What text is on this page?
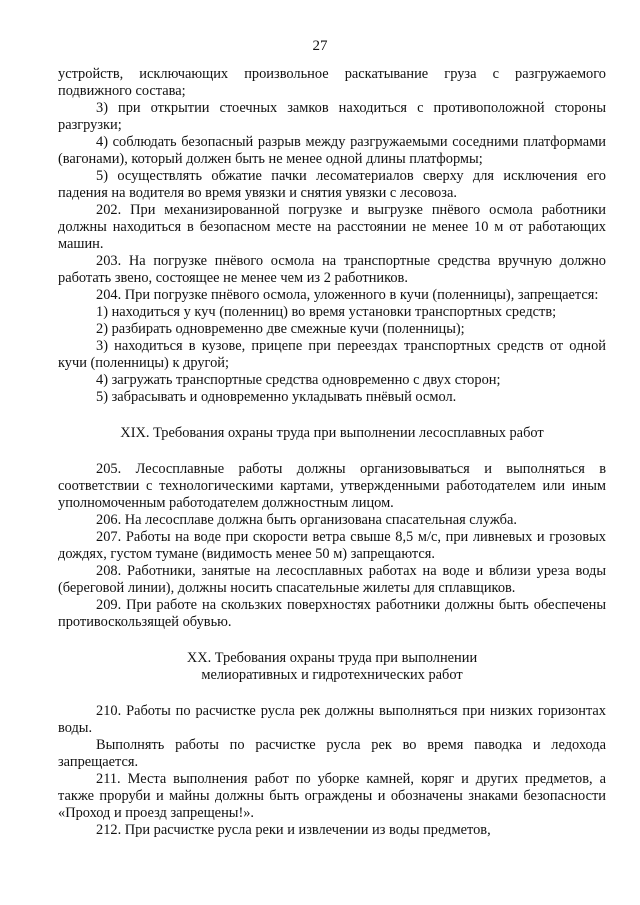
27

устройств, исключающих произвольное раскатывание груза с разгружаемого подвижного состава;

3) при открытии стоечных замков находиться с противоположной стороны разгрузки;

4) соблюдать безопасный разрыв между разгружаемыми соседними платформами (вагонами), который должен быть не менее одной длины платформы;

5) осуществлять обжатие пачки лесоматериалов сверху для исключения его падения на водителя во время увязки и снятия увязки с лесовоза.

202. При механизированной погрузке и выгрузке пнёвого осмола работники должны находиться в безопасном месте на расстоянии не менее 10 м от работающих машин.

203. На погрузке пнёвого осмола на транспортные средства вручную должно работать звено, состоящее не менее чем из 2 работников.

204. При погрузке пнёвого осмола, уложенного в кучи (поленницы), запрещается:

1) находиться у куч (поленниц) во время установки транспортных средств;

2) разбирать одновременно две смежные кучи (поленницы);

3) находиться в кузове, прицепе при переездах транспортных средств от одной кучи (поленницы) к другой;

4) загружать транспортные средства одновременно с двух сторон;

5) забрасывать и одновременно укладывать пнёвый осмол.

XIX. Требования охраны труда при выполнении лесосплавных работ

205. Лесосплавные работы должны организовываться и выполняться в соответствии с технологическими картами, утвержденными работодателем или иным уполномоченным работодателем должностным лицом.

206. На лесосплаве должна быть организована спасательная служба.

207. Работы на воде при скорости ветра свыше 8,5 м/с, при ливневых и грозовых дождях, густом тумане (видимость менее 50 м) запрещаются.

208. Работники, занятые на лесосплавных работах на воде и вблизи уреза воды (береговой линии), должны носить спасательные жилеты для сплавщиков.

209. При работе на скользких поверхностях работники должны быть обеспечены противоскользящей обувью.

XX. Требования охраны труда при выполнении
мелиоративных и гидротехнических работ

210. Работы по расчистке русла рек должны выполняться при низких горизонтах воды.

Выполнять работы по расчистке русла рек во время паводка и ледохода запрещается.

211. Места выполнения работ по уборке камней, коряг и других предметов, а также проруби и майны должны быть ограждены и обозначены знаками безопасности «Проход и проезд запрещены!».

212. При расчистке русла реки и извлечении из воды предметов,
